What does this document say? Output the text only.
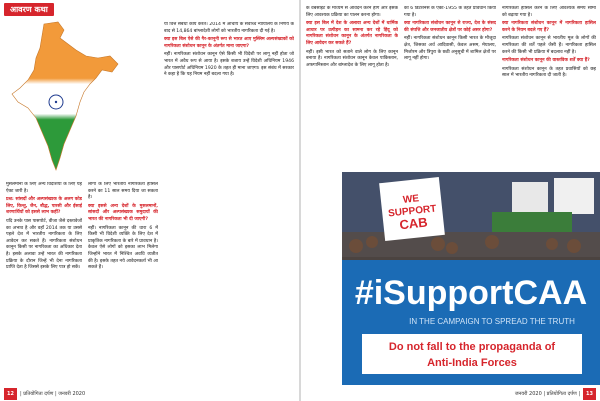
आवरण कथा

मुसलमानों के लिए अन्य विदेशियों के लिए यह ऐक्ट जारी है।

प्रश्न: सांसदों और अल्पसंख्यक के अलग कोड लिए, किन्तु, जैन, बौद्ध, पारसी और ईसाई शरणार्थियों को इससे लाभ कहीं?

यदि उनके पास पासपोर्ट, वीजा जैसे दस्तावेजों का अभाव है और वहाँ 2014 तक या उससे पहले देश में भारतीय नागरिकता के लिए आवेदन कर सकते हैं। नागरिकता संशोधन कानून किसी पर नागरिकता का अधिकार देता है। इसके अलावा उन्हें भारत की नागरिकता प्रक्रिया के दौरान जिन्हें भी देना नागरिकता प्राप्ति देता है जिससे इसके लिए पात्र हो सकें।

लोगों के लिए भारतीय नागरिकता हासिल करने का 11 साल समय दिया जा सकता है।

क्या इससे अन्य देशों के मुसलमानों, सांसदों और अल्पसंख्यक समुदायों की भारत की नागरिकता भी दी जाएगी?

नहीं। नागरिकता कानून की धारा 6 में किसी भी विदेशी व्यक्ति के लिए देश में प्राकृतिक नागरिकता के बारे में प्रावधान है। केवल ऐसे लोगों को इसका लाभ मिलेगा जिन्होंने भारत में निश्चित अवधि व्यतीत की है। इसके तहत नये आवेदनकर्ता भी आ सकते हैं।

या वित्त संबंधी कार्य करते। 2014 में आचार्य के सर्वोच्च न्यायालय के निर्णय के बाद से 14,864 बांग्लादेशी लोगों को भारतीय नागरिकता दी गई है।

क्या इस बिल ऐसे की गैर-कानूनी रूप से भारत आए मुस्लिम अल्पसंख्यकों को नागरिकता संशोधन कानून के अंतर्गत माना जाएगा?

नहीं। नागरिकता संशोधन कानून ऐसे किसी भी विदेशी पर लागू नहीं होता जो भारत में अवैध रूप से आया है। इसके बजाय उन्हें विदेशी अधिनियम 1946 और पासपोर्ट अधिनियम 1920 के तहत ही माना जाएगा। इस संबंध में सरकार ने कहा है कि यह नियम नहीं बदला गया है।

के वेबसाइट के माध्यम से आवेदन करने होंगे और इसके लिए आवश्यक प्रक्रिया का पालन करना होगा।

क्या इस बिल में देश के अलावा अन्य देशों में धार्मिक आधार पर उत्पीड़न का सामना कर रहे हिंदू को नागरिकता संशोधन कानून के अंतर्गत नागरिकता के लिए आवेदन कर सकते हैं?

नहीं। इसी भारत को सताने वाले लोग के लिए कानून बनाया है। नागरिकता संशोधन कानून केवल पाकिस्तान, अफगानिस्तान और बांग्लादेश के लिए लागू होता है।

को 6 डिटेंशनर्स के एक्ट-1955 के तहत प्रावधान किया गया है।

क्या नागरिकता संशोधन कानून से राज्य, देश के संसद की संपत्ति और जनजातीय क्षेत्रों पर कोई असर होगा?

नहीं। नागरिकता संशोधन कानून किसी भारत के मौजूदा क्षेत्र, जिसका अर्थ आदिवासी, केवल असम, मेघालय, मिजोरम और त्रिपुरा के छठी अनुसूची में शामिल क्षेत्रों पर लागू नहीं होगा।

नागरिकता हासिल करने के लिए आवश्यक समय सीमा को बढ़ाया गया है।

क्या नागरिकता संशोधन कानून में नागरिकता हासिल करने के नियम बदले गए हैं?

नागरिकता संशोधन कानून से भारतीय मूल के लोगों की नागरिकता की शर्तें पहले जैसी हैं। नागरिकता हासिल करने की किसी भी प्रक्रिया में बदलाव नहीं है।

नागरिकता संशोधन कानून की वास्तविक शर्तें क्या हैं?

नागरिकता संशोधन कानून के तहत प्रवासियों को छह साल में भारतीय नागरिकता दी जाती है।

WE
SUPPORT
CAB
#iSupportCAA
IN THE CAMPAIGN TO SPREAD THE TRUTH
Do not fall to the propaganda of
Anti-India Forces
12 | प्रतियोगिता दर्पण | जनवरी 2020	जनवरी 2020 | प्रतियोगिता दर्पण | 13
